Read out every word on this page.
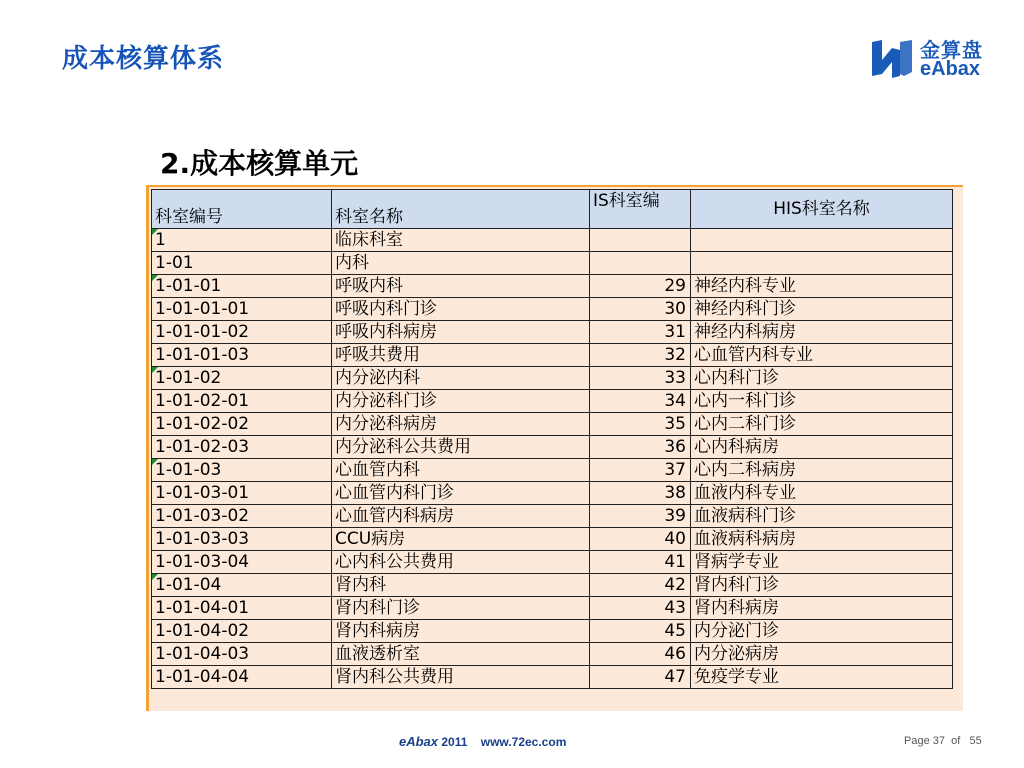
成本核算体系	金算盘
eAbax
2.成本核算单元
科室编号	科室名称	IS科室编	HIS科室名称

1	临床科室		
1-01	内科		

1-01-01	呼吸内科	29	神经内科专业
1-01-01-01	呼吸内科门诊	30	神经内科门诊
1-01-01-02	呼吸内科病房	31	神经内科病房
1-01-01-03	呼吸共费用	32	心血管内科专业

1-01-02	内分泌内科	33	心内科门诊
1-01-02-01	内分泌科门诊	34	心内一科门诊
1-01-02-02	内分泌科病房	35	心内二科门诊
1-01-02-03	内分泌科公共费用	36	心内科病房

1-01-03	心血管内科	37	心内二科病房
1-01-03-01	心血管内科门诊	38	血液内科专业
1-01-03-02	心血管内科病房	39	血液病科门诊
1-01-03-03	CCU病房	40	血液病科病房
1-01-03-04	心内科公共费用	41	肾病学专业

1-01-04	肾内科	42	肾内科门诊
1-01-04-01	肾内科门诊	43	肾内科病房
1-01-04-02	肾内科病房	45	内分泌门诊
1-01-04-03	血液透析室	46	内分泌病房
1-01-04-04	肾内科公共费用	47	免疫学专业
eAbax 2011 www.72ec.com	Page 37 of 55
